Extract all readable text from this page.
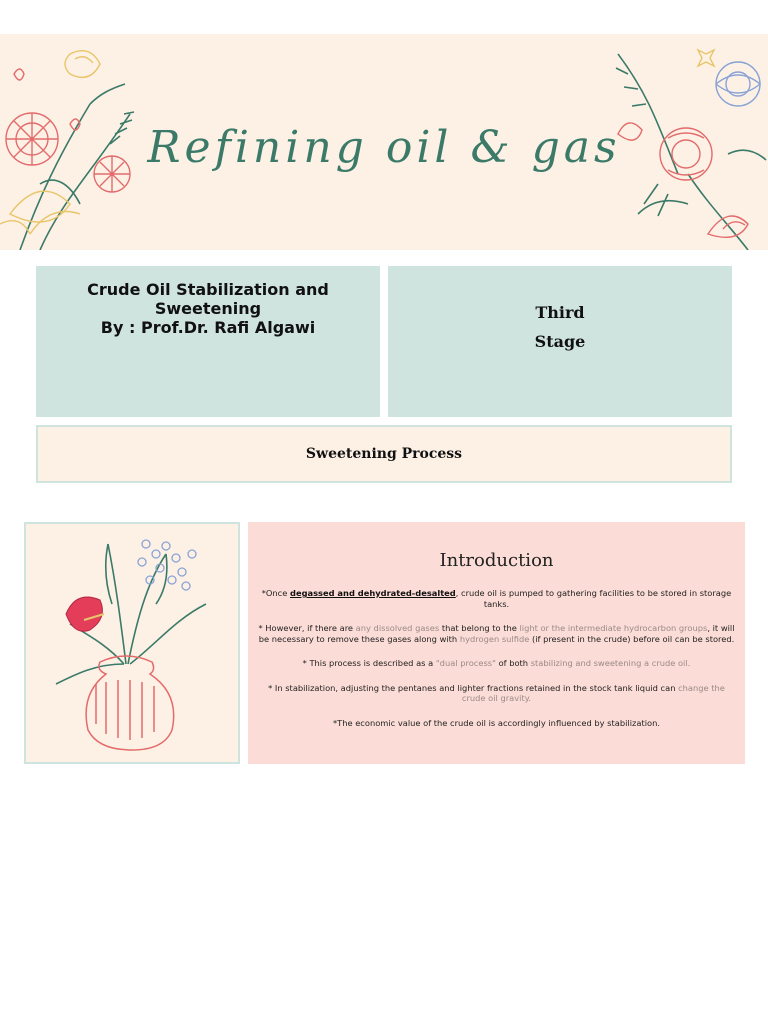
Refining oil & gas

Crude Oil Stabilization and Sweetening

By : Prof.Dr. Rafi Algawi

Third
Stage
Sweetening Process
Introduction

*Once degassed and dehydrated-desalted, crude oil is pumped to gathering facilities to be stored in storage tanks.

* However, if there are any dissolved gases that belong to the light or the intermediate hydrocarbon groups, it will be necessary to remove these gases along with hydrogen sulfide (if present in the crude) before oil can be stored.

* This process is described as a "dual process" of both stabilizing and sweetening a crude oil.

* In stabilization, adjusting the pentanes and lighter fractions retained in the stock tank liquid can change the crude oil gravity.

*The economic value of the crude oil is accordingly influenced by stabilization.
